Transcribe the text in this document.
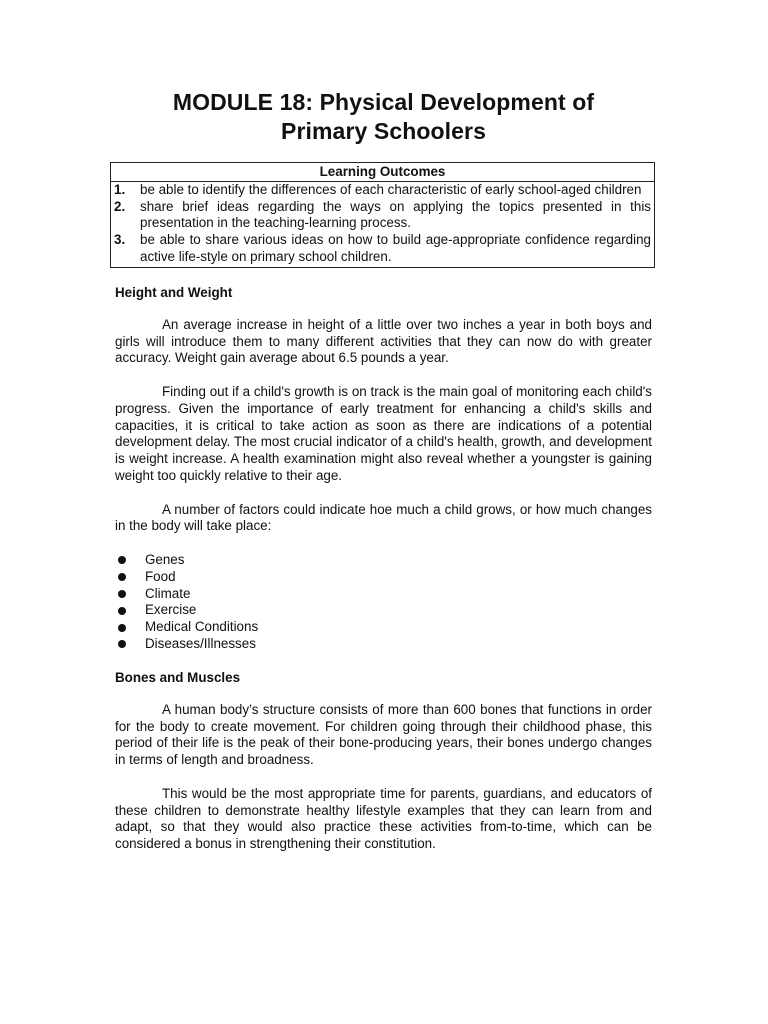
MODULE 18: Physical Development of
Primary Schoolers
Learning Outcomes

1.	be able to identify the differences of each characteristic of early school-aged children
2.	share brief ideas regarding the ways on applying the topics presented in this presentation in the teaching-learning process.
3.	be able to share various ideas on how to build age-appropriate confidence regarding active life-style on primary school children.
Height and Weight

An average increase in height of a little over two inches a year in both boys and girls will introduce them to many different activities that they can now do with greater accuracy. Weight gain average about 6.5 pounds a year.

Finding out if a child's growth is on track is the main goal of monitoring each child's progress. Given the importance of early treatment for enhancing a child's skills and capacities, it is critical to take action as soon as there are indications of a potential development delay. The most crucial indicator of a child's health, growth, and development is weight increase. A health examination might also reveal whether a youngster is gaining weight too quickly relative to their age.

A number of factors could indicate hoe much a child grows, or how much changes in the body will take place:

Genes
Food
Climate
Exercise
Medical Conditions
Diseases/Illnesses
Bones and Muscles

A human body’s structure consists of more than 600 bones that functions in order for the body to create movement. For children going through their childhood phase, this period of their life is the peak of their bone-producing years, their bones undergo changes in terms of length and broadness.

This would be the most appropriate time for parents, guardians, and educators of these children to demonstrate healthy lifestyle examples that they can learn from and adapt, so that they would also practice these activities from-to-time, which can be considered a bonus in strengthening their constitution.
